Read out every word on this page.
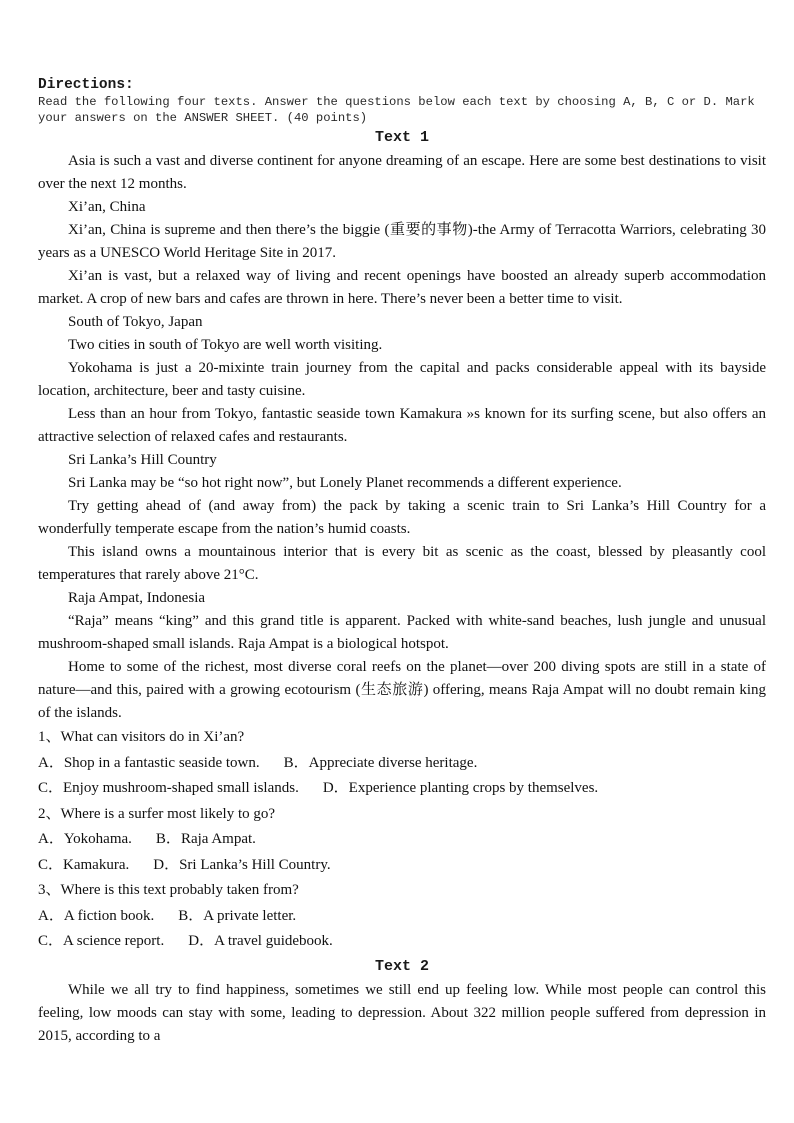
Directions:

Read the following four texts. Answer the questions below each text by choosing A, B, C or D. Mark your answers on the ANSWER SHEET. (40 points)

Text 1

Asia is such a vast and diverse continent for anyone dreaming of an escape. Here are some best destinations to visit over the next 12 months.

Xi’an, China

Xi’an, China is supreme and then there’s the biggie (重要的事物)-the Army of Terracotta Warriors, celebrating 30 years as a UNESCO World Heritage Site in 2017.

Xi’an is vast, but a relaxed way of living and recent openings have boosted an already superb accommodation market. A crop of new bars and cafes are thrown in here. There’s never been a better time to visit.

South of Tokyo, Japan

Two cities in south of Tokyo are well worth visiting.

Yokohama is just a 20-mixinte train journey from the capital and packs considerable appeal with its bayside location, architecture, beer and tasty cuisine.

Less than an hour from Tokyo, fantastic seaside town Kamakura »s known for its surfing scene, but also offers an attractive selection of relaxed cafes and restaurants.

Sri Lanka’s Hill Country

Sri Lanka may be “so hot right now”, but Lonely Planet recommends a different experience.

Try getting ahead of (and away from) the pack by taking a scenic train to Sri Lanka’s Hill Country for a wonderfully temperate escape from the nation’s humid coasts.

This island owns a mountainous interior that is every bit as scenic as the coast, blessed by pleasantly cool temperatures that rarely above 21°C.

Raja Ampat, Indonesia

“Raja” means “king” and this grand title is apparent. Packed with white-sand beaches, lush jungle and unusual mushroom-shaped small islands. Raja Ampat is a biological hotspot.

Home to some of the richest, most diverse coral reefs on the planet—over 200 diving spots are still in a state of nature—and this, paired with a growing ecotourism (生态旅游) offering, means Raja Ampat will no doubt remain king of the islands.

1、What can visitors do in Xi’an?

A．Shop in a fantastic seaside town. B．Appreciate diverse heritage.

C．Enjoy mushroom-shaped small islands. D．Experience planting crops by themselves.

2、Where is a surfer most likely to go?

A．Yokohama. B．Raja Ampat.

C．Kamakura. D．Sri Lanka’s Hill Country.

3、Where is this text probably taken from?

A．A fiction book. B．A private letter.

C．A science report. D．A travel guidebook.

Text 2

While we all try to find happiness, sometimes we still end up feeling low. While most people can control this feeling, low moods can stay with some, leading to depression. About 322 million people suffered from depression in 2015, according to a
